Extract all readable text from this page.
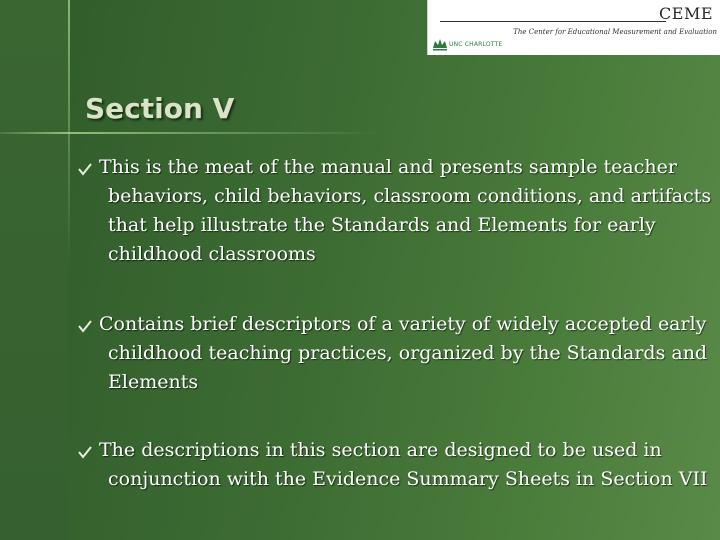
CEME
The Center for Educational Measurement and Evaluation
UNC CHARLOTTE
Section V

This is the meat of the manual and presents sample teacher behaviors, child behaviors, classroom conditions, and artifacts that help illustrate the Standards and Elements for early childhood classrooms

Contains brief descriptors of a variety of widely accepted early childhood teaching practices, organized by the Standards and Elements

The descriptions in this section are designed to be used in conjunction with the Evidence Summary Sheets in Section VII
